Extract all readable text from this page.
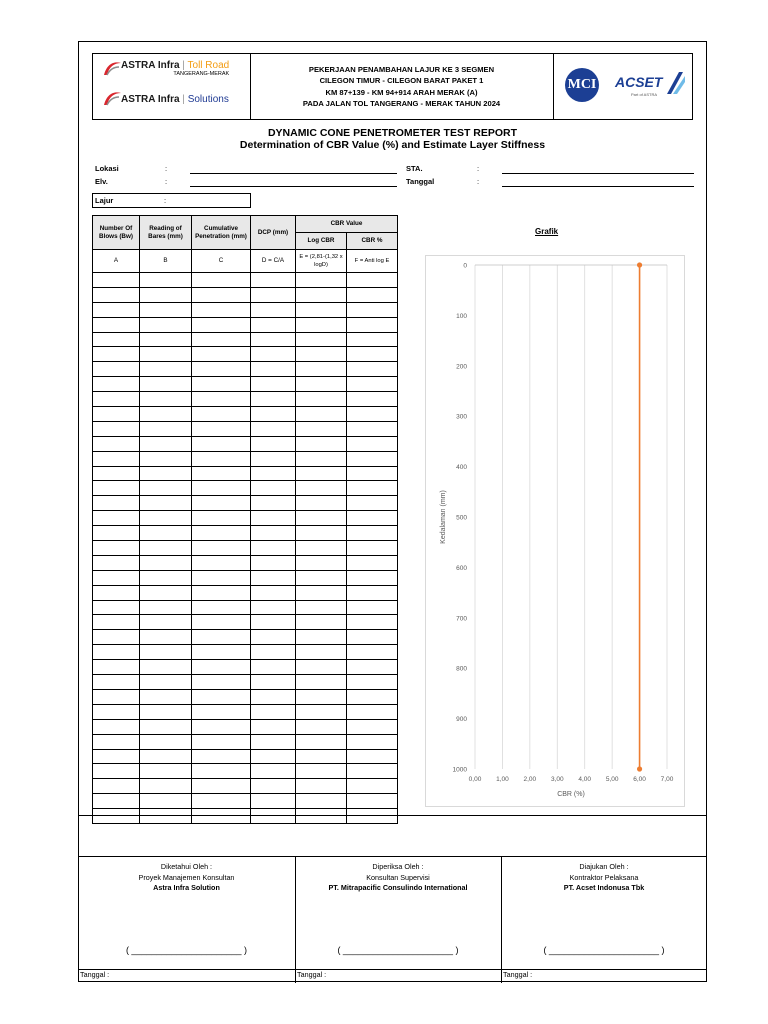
ASTRA Infra | Toll Road
TANGERANG-MERAK
ASTRA Infra | Solutions
PEKERJAAN PENAMBAHAN LAJUR KE 3 SEGMEN
CILEGON TIMUR - CILEGON BARAT PAKET 1
KM 87+139 - KM 94+914 ARAH MERAK (A)
PADA JALAN TOL TANGERANG - MERAK TAHUN 2024
MCI ACSET
Part of ASTRA
DYNAMIC CONE PENETROMETER TEST REPORT
Determination of CBR Value (%) and Estimate Layer Stiffness
Lokasi	:
Elv.	:
STA.	:
Tanggal	:
Lajur	:
Number Of Blows (Bw)	Reading of Bares (mm)	Cumulative Penetration (mm)	DCP (mm)	CBR Value	
				Log CBR	CBR %
A	B	C	D = C/A	E = (2,81-(1,32 x logD)	F = Anti log E

Grafik
0
100
200
300
400
500
600
700
800
900
1000
0,00 1,00 2,00 3,00 4,00 5,00 6,00 7,00
CBR (%)
Kedalaman (mm)
Diketahui Oleh :
Proyek Manajemen Konsultan
Astra Infra Solution
( ______________________ )
Tanggal :
Diperiksa Oleh :
Konsultan Supervisi
PT. Mitrapacific Consulindo International
( ______________________ )
Tanggal :
Diajukan Oleh :
Kontraktor Pelaksana
PT. Acset Indonusa Tbk
( ______________________ )
Tanggal :
